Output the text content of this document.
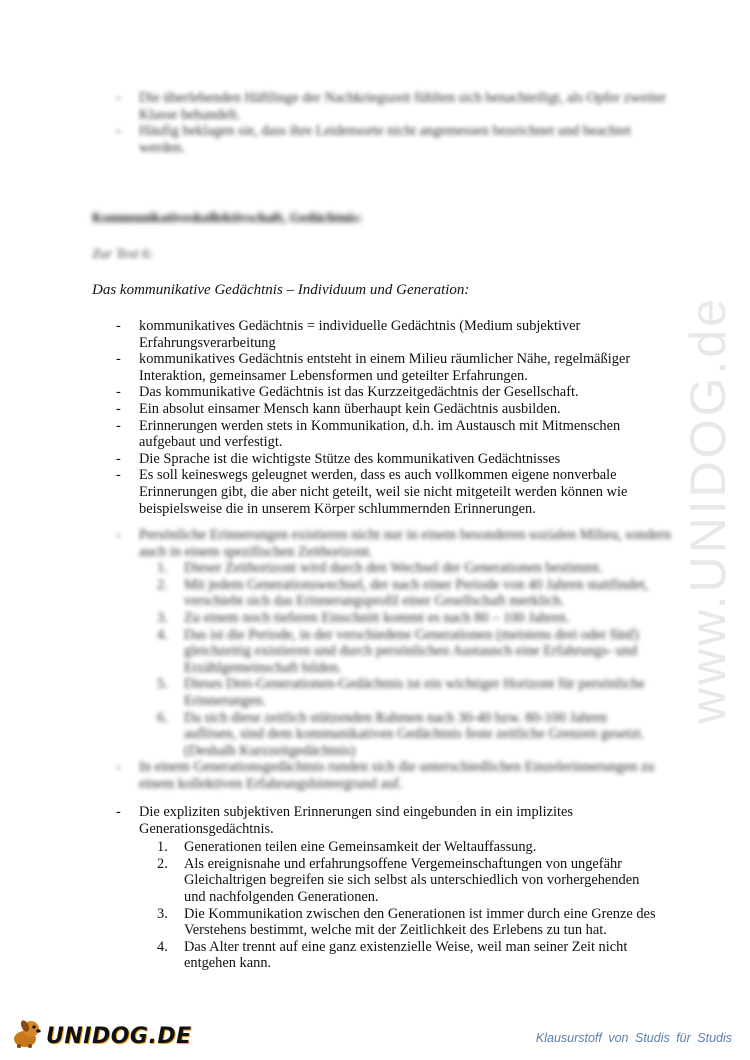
- Die überlebenden Häftlinge der Nachkriegszeit fühlten sich benachteiligt, als Opfer zweiter Klasse behandelt.
- Häufig beklagen sie, dass ihre Leidensorte nicht angemessen bezeichnet und beachtet werden.
Kommunikativeskollektivschaft, Gedächtnis:
Zur Text 6:
Das kommunikative Gedächtnis – Individuum und Generation:
- kommunikatives Gedächtnis = individuelle Gedächtnis (Medium subjektiver Erfahrungsverarbeitung
- kommunikatives Gedächtnis entsteht in einem Milieu räumlicher Nähe, regelmäßiger Interaktion, gemeinsamer Lebensformen und geteilter Erfahrungen.
- Das kommunikative Gedächtnis ist das Kurzzeitgedächtnis der Gesellschaft.
- Ein absolut einsamer Mensch kann überhaupt kein Gedächtnis ausbilden.
- Erinnerungen werden stets in Kommunikation, d.h. im Austausch mit Mitmenschen aufgebaut und verfestigt.
- Die Sprache ist die wichtigste Stütze des kommunikativen Gedächtnisses
- Es soll keineswegs geleugnet werden, dass es auch vollkommen eigene nonverbale Erinnerungen gibt, die aber nicht geteilt, weil sie nicht mitgeteilt werden können wie beispielsweise die in unserem Körper schlummernden Erinnerungen.
- Persönliche Erinnerungen existieren nicht nur in einem besonderen sozialen Milieu, sondern auch in einem spezifischen Zeithorizont.
1. Dieser Zeithorizont wird durch den Wechsel der Generationen bestimmt.
2. Mit jedem Generationswechsel, der nach einer Periode von 40 Jahren stattfindet, verschiebt sich das Erinnerungsprofil einer Gesellschaft merklich.
3. Zu einem noch tieferen Einschnitt kommt es nach 80 – 100 Jahren.
4. Das ist die Periode, in der verschiedene Generationen (meistens drei oder fünf) gleichzeitig existieren und durch persönlichen Austausch eine Erfahrungs- und Erzählgemeinschaft bilden.
5. Dieses Drei-Generationen-Gedächtnis ist ein wichtiger Horizont für persönliche Erinnerungen.
6. Da sich diese zeitlich stützenden Rahmen nach 30-40 bzw. 80-100 Jahren auflösen, sind dem kommunikativen Gedächtnis feste zeitliche Grenzen gesetzt. (Deshalb Kurzzeitgedächtnis)
- In einem Generationsgedächtnis runden sich die unterschiedlichen Einzelerinnerungen zu einem kollektiven Erfahrungshintergrund auf.
- Die expliziten subjektiven Erinnerungen sind eingebunden in ein implizites Generationsgedächtnis.
1. Generationen teilen eine Gemeinsamkeit der Weltauffassung.
2. Als ereignisnahe und erfahrungsoffene Vergemeinschaftungen von ungefähr Gleichaltrigen begreifen sie sich selbst als unterschiedlich von vorhergehenden und nachfolgenden Generationen.
3. Die Kommunikation zwischen den Generationen ist immer durch eine Grenze des Verstehens bestimmt, welche mit der Zeitlichkeit des Erlebens zu tun hat.
4. Das Alter trennt auf eine ganz existenzielle Weise, weil man seiner Zeit nicht entgehen kann.
www.UNIDOG.de
UNIDOG.DE	Klausurstoff von Studis für Studis
